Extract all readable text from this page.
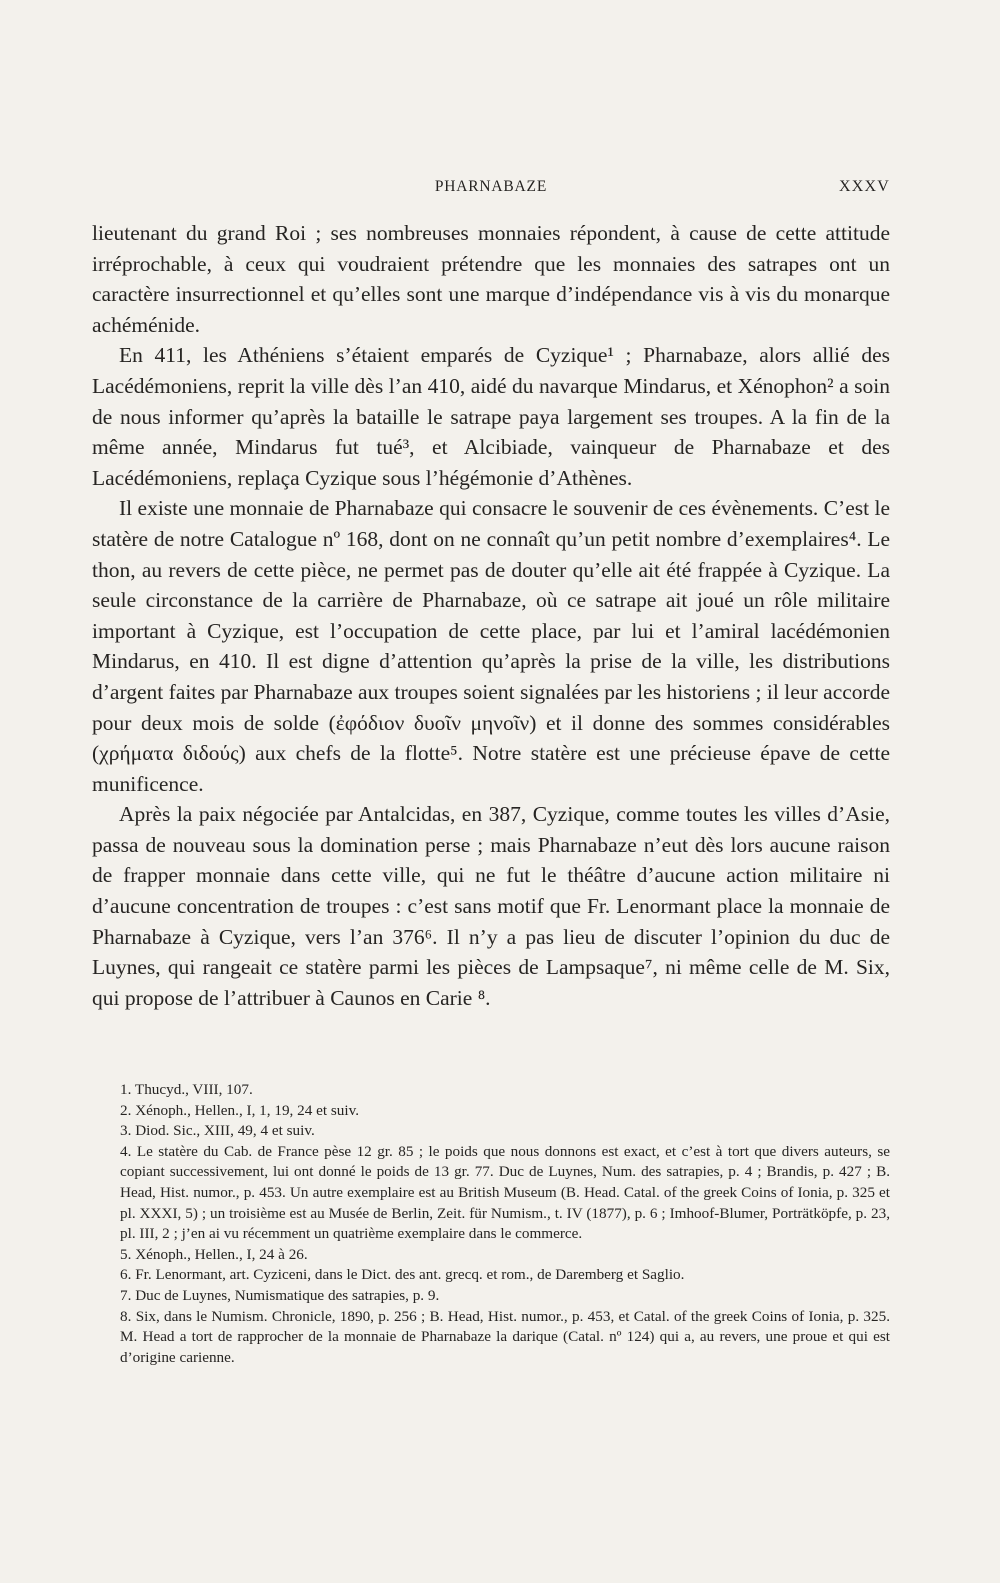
PHARNABAZE	XXXV

lieutenant du grand Roi ; ses nombreuses monnaies répondent, à cause de cette attitude irréprochable, à ceux qui voudraient prétendre que les monnaies des satrapes ont un caractère insurrectionnel et qu’elles sont une marque d’indépendance vis à vis du monarque achéménide.

En 411, les Athéniens s’étaient emparés de Cyzique¹ ; Pharnabaze, alors allié des Lacédémoniens, reprit la ville dès l’an 410, aidé du navarque Mindarus, et Xénophon² a soin de nous informer qu’après la bataille le satrape paya largement ses troupes. A la fin de la même année, Mindarus fut tué³, et Alcibiade, vainqueur de Pharnabaze et des Lacédémoniens, replaça Cyzique sous l’hégémonie d’Athènes.

Il existe une monnaie de Pharnabaze qui consacre le souvenir de ces évènements. C’est le statère de notre Catalogue nº 168, dont on ne connaît qu’un petit nombre d’exemplaires⁴. Le thon, au revers de cette pièce, ne permet pas de douter qu’elle ait été frappée à Cyzique. La seule circonstance de la carrière de Pharnabaze, où ce satrape ait joué un rôle militaire important à Cyzique, est l’occupation de cette place, par lui et l’amiral lacédémonien Mindarus, en 410. Il est digne d’attention qu’après la prise de la ville, les distributions d’argent faites par Pharnabaze aux troupes soient signalées par les historiens ; il leur accorde pour deux mois de solde (ἐφόδιον δυοῖν μηνοῖν) et il donne des sommes considérables (χρήματα διδούς) aux chefs de la flotte⁵. Notre statère est une précieuse épave de cette munificence.

Après la paix négociée par Antalcidas, en 387, Cyzique, comme toutes les villes d’Asie, passa de nouveau sous la domination perse ; mais Pharnabaze n’eut dès lors aucune raison de frapper monnaie dans cette ville, qui ne fut le théâtre d’aucune action militaire ni d’aucune concentration de troupes : c’est sans motif que Fr. Lenormant place la monnaie de Pharnabaze à Cyzique, vers l’an 376⁶. Il n’y a pas lieu de discuter l’opinion du duc de Luynes, qui rangeait ce statère parmi les pièces de Lampsaque⁷, ni même celle de M. Six, qui propose de l’attribuer à Caunos en Carie ⁸.

1. Thucyd., VIII, 107.

2. Xénoph., Hellen., I, 1, 19, 24 et suiv.

3. Diod. Sic., XIII, 49, 4 et suiv.

4. Le statère du Cab. de France pèse 12 gr. 85 ; le poids que nous donnons est exact, et c’est à tort que divers auteurs, se copiant successivement, lui ont donné le poids de 13 gr. 77. Duc de Luynes, Num. des satrapies, p. 4 ; Brandis, p. 427 ; B. Head, Hist. numor., p. 453. Un autre exemplaire est au British Museum (B. Head. Catal. of the greek Coins of Ionia, p. 325 et pl. XXXI, 5) ; un troisième est au Musée de Berlin, Zeit. für Numism., t. IV (1877), p. 6 ; Imhoof-Blumer, Porträtköpfe, p. 23, pl. III, 2 ; j’en ai vu récemment un quatrième exemplaire dans le commerce.

5. Xénoph., Hellen., I, 24 à 26.

6. Fr. Lenormant, art. Cyziceni, dans le Dict. des ant. grecq. et rom., de Daremberg et Saglio.

7. Duc de Luynes, Numismatique des satrapies, p. 9.

8. Six, dans le Numism. Chronicle, 1890, p. 256 ; B. Head, Hist. numor., p. 453, et Catal. of the greek Coins of Ionia, p. 325. M. Head a tort de rapprocher de la monnaie de Pharnabaze la darique (Catal. nº 124) qui a, au revers, une proue et qui est d’origine carienne.
